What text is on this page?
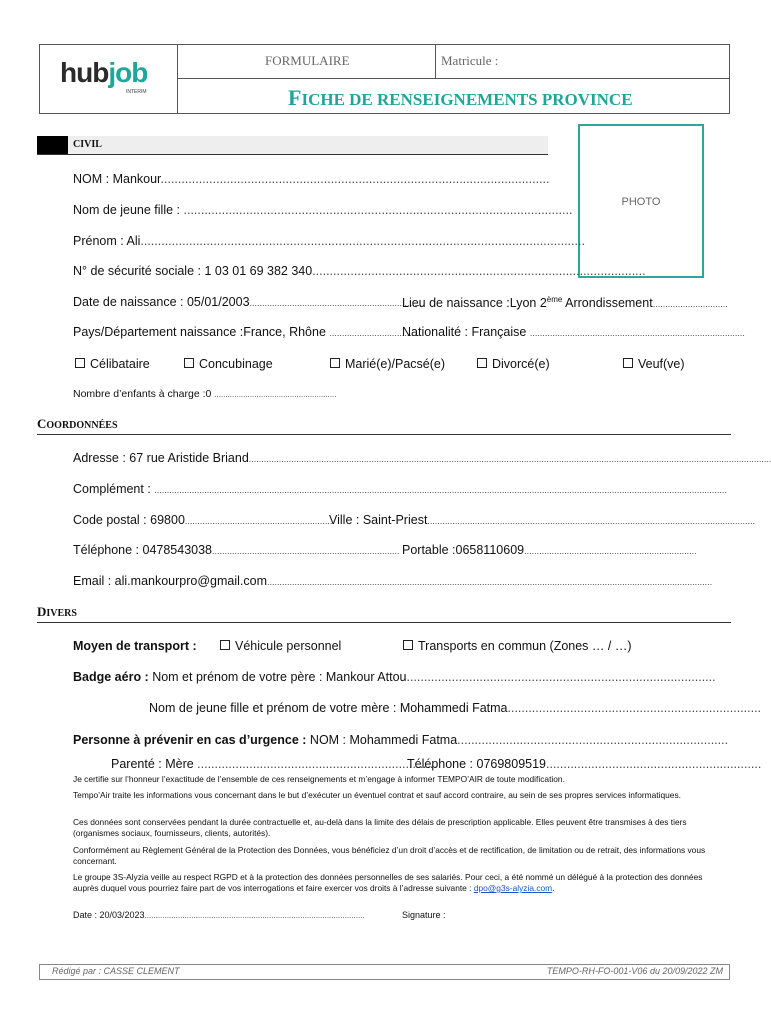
hubjob
INTERIM
FORMULAIRE	Matricule :
FICHE DE RENSEIGNEMENTS PROVINCE
PHOTO
CIVIL
NOM : Mankour................................................................................................................
Nom de jeune fille : ................................................................................................................
Prénom : Ali................................................................................................................................
N° de sécurité sociale : 1 03 01 69 382 340................................................................................................
Date de naissance : 05/01/2003......................................................................
Lieu de naissance :Lyon 2ème Arrondissement..............................
Pays/Département naissance :France, Rhône ....................................
Nationalité : Française ......................................................................................
Célibataire	Concubinage	Marié(e)/Pacsé(e)	Divorcé(e)	Veuf(ve)
Nombre d’enfants à charge :0 .......................................................
COORDONNÉES
Adresse : 67 rue Aristide Briand.................................................................................................................................................................................................................
Complément : .....................................................................................................................................................................................................................................
Code postal : 69800............................................................
Ville : Saint-Priest...................................................................................................................................
Téléphone : 0478543038........................................................................... Portable :0658110609.....................................................................
Email : ali.mankourpro@gmail.com..................................................................................................................................................................................
DIVERS
Moyen de transport :	Véhicule personnel	Transports en commun (Zones … / …)
Badge aéro : Nom et prénom de votre père : Mankour Attou.........................................................................................
Nom de jeune fille et prénom de votre mère : Mohammedi Fatma.........................................................................
Personne à prévenir en cas d’urgence : NOM : Mohammedi Fatma..............................................................................
Parenté : Mère .....................................................................
Téléphone : 0769809519..............................................................
Je certifie sur l’honneur l’exactitude de l’ensemble de ces renseignements et m’engage à informer TEMPO’AIR de toute modification.
Tempo’Air traite les informations vous concernant dans le but d’exécuter un éventuel contrat et sauf accord contraire, au sein de ses propres services informatiques.
Ces données sont conservées pendant la durée contractuelle et, au-delà dans la limite des délais de prescription applicable. Elles peuvent être transmises à des tiers (organismes sociaux, fournisseurs, clients, autorités).
Conformément au Règlement Général de la Protection des Données, vous bénéficiez d’un droit d’accès et de rectification, de limitation ou de retrait, des informations vous concernant.
Le groupe 3S-Alyzia veille au respect RGPD et à la protection des données personnelles de ses salariés. Pour ceci, a été nommé un délégué à la protection des données auprès duquel vous pourriez faire part de vos interrogations et faire exercer vos droits à l’adresse suivante : dpo@g3s-alyzia.com.
Date : 20/03/2023...................................................................................................	Signature :
Rédigé par : CASSE CLEMENT	TEMPO-RH-FO-001-V06 du 20/09/2022 ZM
